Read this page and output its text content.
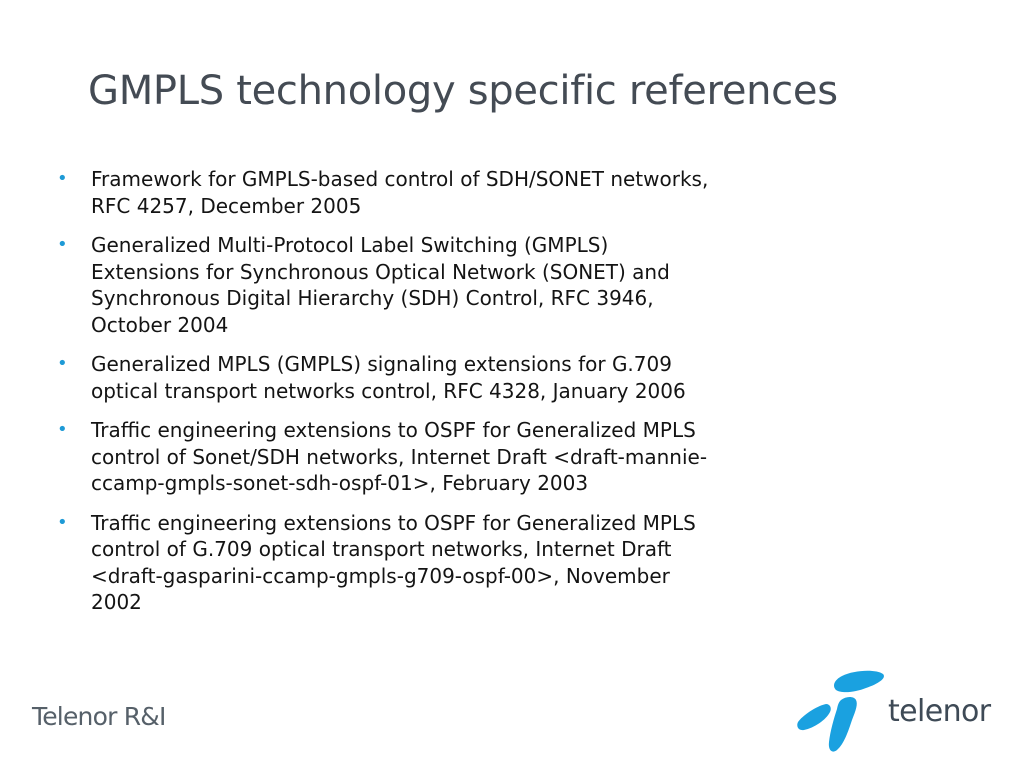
GMPLS technology specific references
• Framework for GMPLS-based control of SDH/SONET networks,
RFC 4257, December 2005
• Generalized Multi-Protocol Label Switching (GMPLS)
Extensions for Synchronous Optical Network (SONET) and
Synchronous Digital Hierarchy (SDH) Control, RFC 3946,
October 2004
• Generalized MPLS (GMPLS) signaling extensions for G.709
optical transport networks control, RFC 4328, January 2006
• Traffic engineering extensions to OSPF for Generalized MPLS
control of Sonet/SDH networks, Internet Draft <draft-mannie-
ccamp-gmpls-sonet-sdh-ospf-01>, February 2003
• Traffic engineering extensions to OSPF for Generalized MPLS
control of G.709 optical transport networks, Internet Draft
<draft-gasparini-ccamp-gmpls-g709-ospf-00>, November
2002
Telenor R&I	telenor
